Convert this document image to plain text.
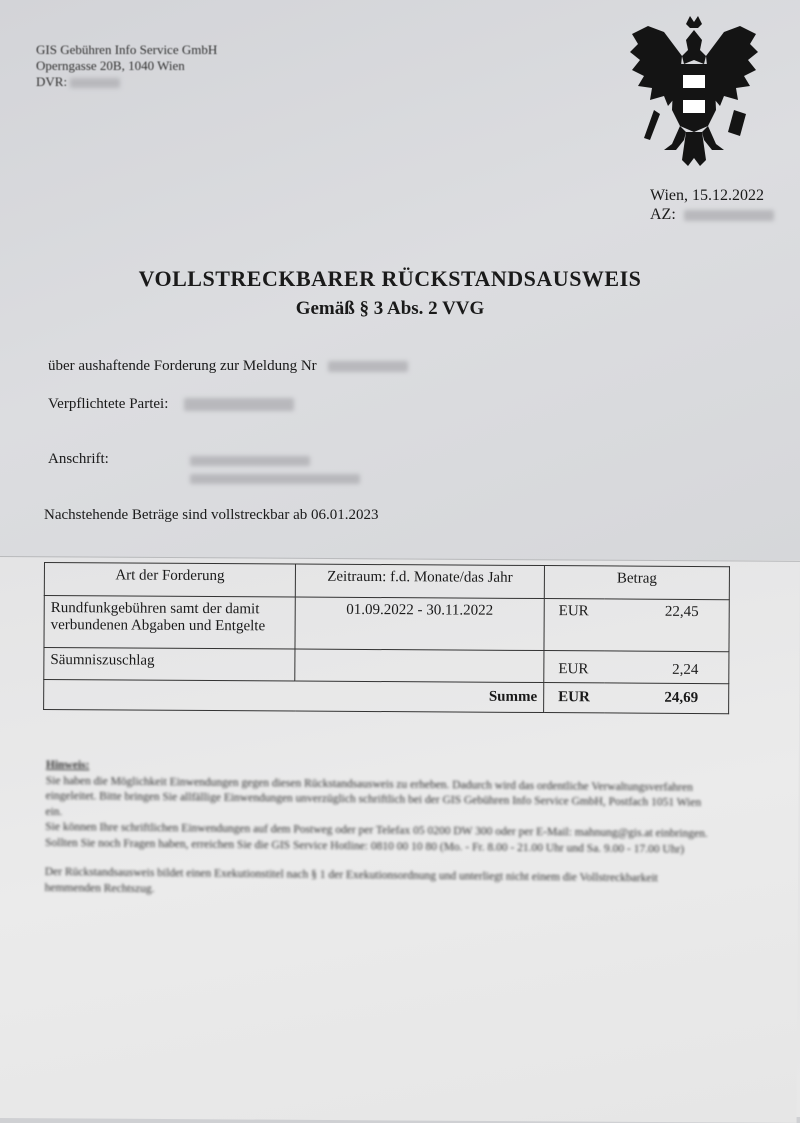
GIS Gebühren Info Service GmbH
Operngasse 20B, 1040 Wien
DVR:
Wien, 15.12.2022
AZ:
VOLLSTRECKBARER RÜCKSTANDSAUSWEIS
Gemäß § 3 Abs. 2 VVG
über aushaftende Forderung zur Meldung Nr
Verpflichtete Partei:
Anschrift:
Nachstehende Beträge sind vollstreckbar ab 06.01.2023
Art der Forderung	Zeitraum: f.d. Monate/das Jahr	Betrag	
Rundfunkgebühren samt der damit verbundenen Abgaben und Entgelte	01.09.2022 - 30.11.2022	EUR	22,45
Säumniszuschlag		EUR	2,24
Summe		EUR	24,69
Hinweis:

Sie haben die Möglichkeit Einwendungen gegen diesen Rückstandsausweis zu erheben. Dadurch wird das ordentliche Verwaltungsverfahren eingeleitet. Bitte bringen Sie allfällige Einwendungen unverzüglich schriftlich bei der GIS Gebühren Info Service GmbH, Postfach 1051 Wien ein.

Sie können Ihre schriftlichen Einwendungen auf dem Postweg oder per Telefax 05 0200 DW 300 oder per E-Mail: mahnung@gis.at einbringen. Sollten Sie noch Fragen haben, erreichen Sie die GIS Service Hotline: 0810 00 10 80 (Mo. - Fr. 8.00 - 21.00 Uhr und Sa. 9.00 - 17.00 Uhr)

Der Rückstandsausweis bildet einen Exekutionstitel nach § 1 der Exekutionsordnung und unterliegt nicht einem die Vollstreckbarkeit hemmenden Rechtszug.
